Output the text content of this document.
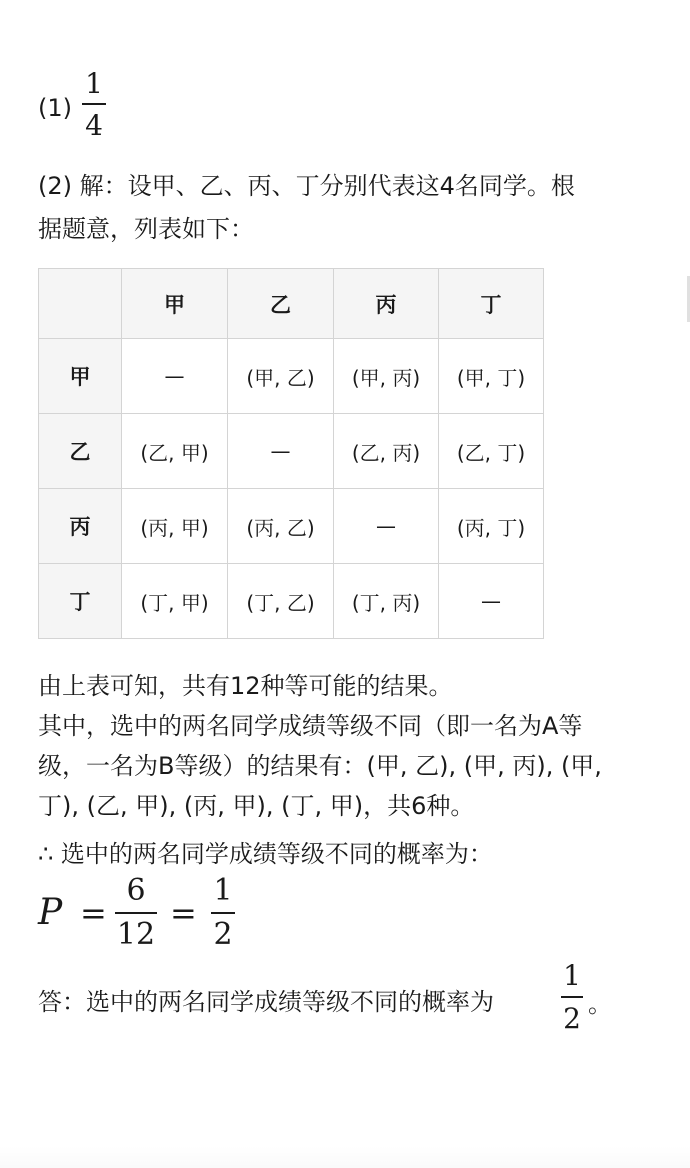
(1)
1
4
(2) 解：设甲、乙、丙、丁分别代表这4名同学。根
据题意，列表如下：
	甲	乙	丙	丁
甲	—	(甲, 乙)	(甲, 丙)	(甲, 丁)
乙	(乙, 甲)	—	(乙, 丙)	(乙, 丁)
丙	(丙, 甲)	(丙, 乙)	—	(丙, 丁)
丁	(丁, 甲)	(丁, 乙)	(丁, 丙)	—
由上表可知，共有12种等可能的结果。
其中，选中的两名同学成绩等级不同（即一名为A等
级，一名为B等级）的结果有：(甲, 乙), (甲, 丙), (甲,
丁), (乙, 甲), (丙, 甲), (丁, 甲)，共6种。
∴ 选中的两名同学成绩等级不同的概率为：
P =
6
12
=
1
2
答：选中的两名同学成绩等级不同的概率为
1
2 。
